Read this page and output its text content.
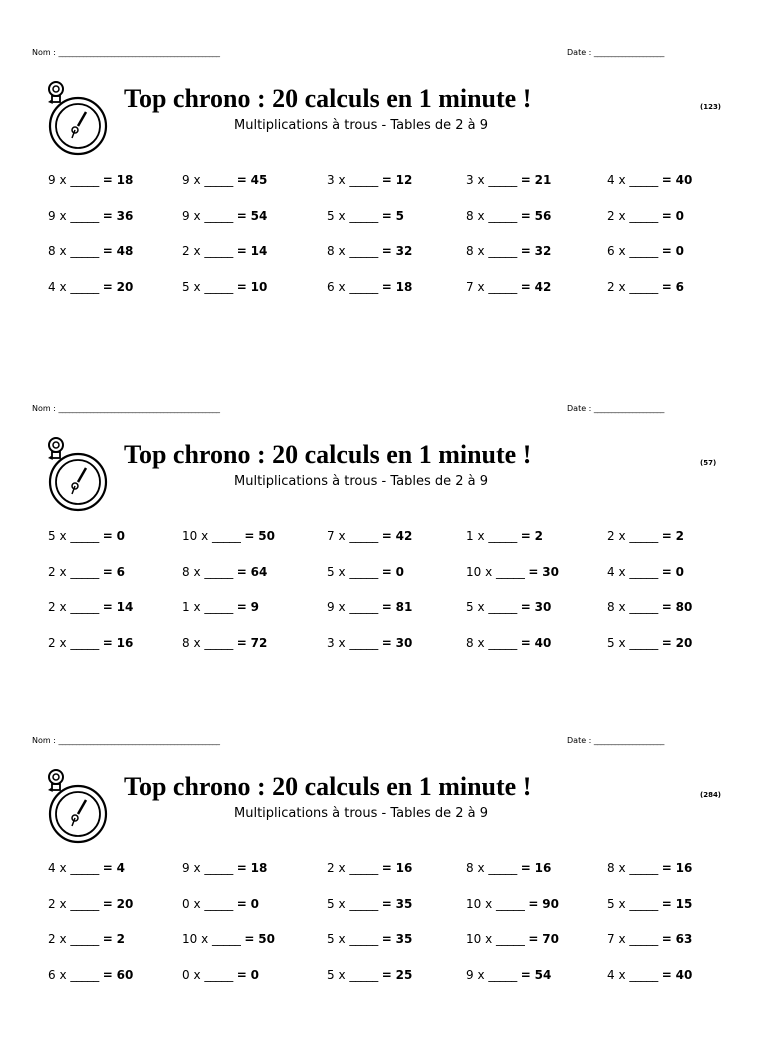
Nom : ______________________________________________	Date : ____________________
Top chrono : 20 calculs en 1 minute !
Multiplications à trous - Tables de 2 à 9
(123)
9 x _____ = 18	9 x _____ = 45	3 x _____ = 12	3 x _____ = 21	4 x _____ = 40
9 x _____ = 36	9 x _____ = 54	5 x _____ = 5	8 x _____ = 56	2 x _____ = 0
8 x _____ = 48	2 x _____ = 14	8 x _____ = 32	8 x _____ = 32	6 x _____ = 0
4 x _____ = 20	5 x _____ = 10	6 x _____ = 18	7 x _____ = 42	2 x _____ = 6
Nom : ______________________________________________	Date : ____________________
Top chrono : 20 calculs en 1 minute !
Multiplications à trous - Tables de 2 à 9
(57)
5 x _____ = 0	10 x _____ = 50	7 x _____ = 42	1 x _____ = 2	2 x _____ = 2
2 x _____ = 6	8 x _____ = 64	5 x _____ = 0	10 x _____ = 30	4 x _____ = 0
2 x _____ = 14	1 x _____ = 9	9 x _____ = 81	5 x _____ = 30	8 x _____ = 80
2 x _____ = 16	8 x _____ = 72	3 x _____ = 30	8 x _____ = 40	5 x _____ = 20
Nom : ______________________________________________	Date : ____________________
Top chrono : 20 calculs en 1 minute !
Multiplications à trous - Tables de 2 à 9
(284)
4 x _____ = 4	9 x _____ = 18	2 x _____ = 16	8 x _____ = 16	8 x _____ = 16
2 x _____ = 20	0 x _____ = 0	5 x _____ = 35	10 x _____ = 90	5 x _____ = 15
2 x _____ = 2	10 x _____ = 50	5 x _____ = 35	10 x _____ = 70	7 x _____ = 63
6 x _____ = 60	0 x _____ = 0	5 x _____ = 25	9 x _____ = 54	4 x _____ = 40
